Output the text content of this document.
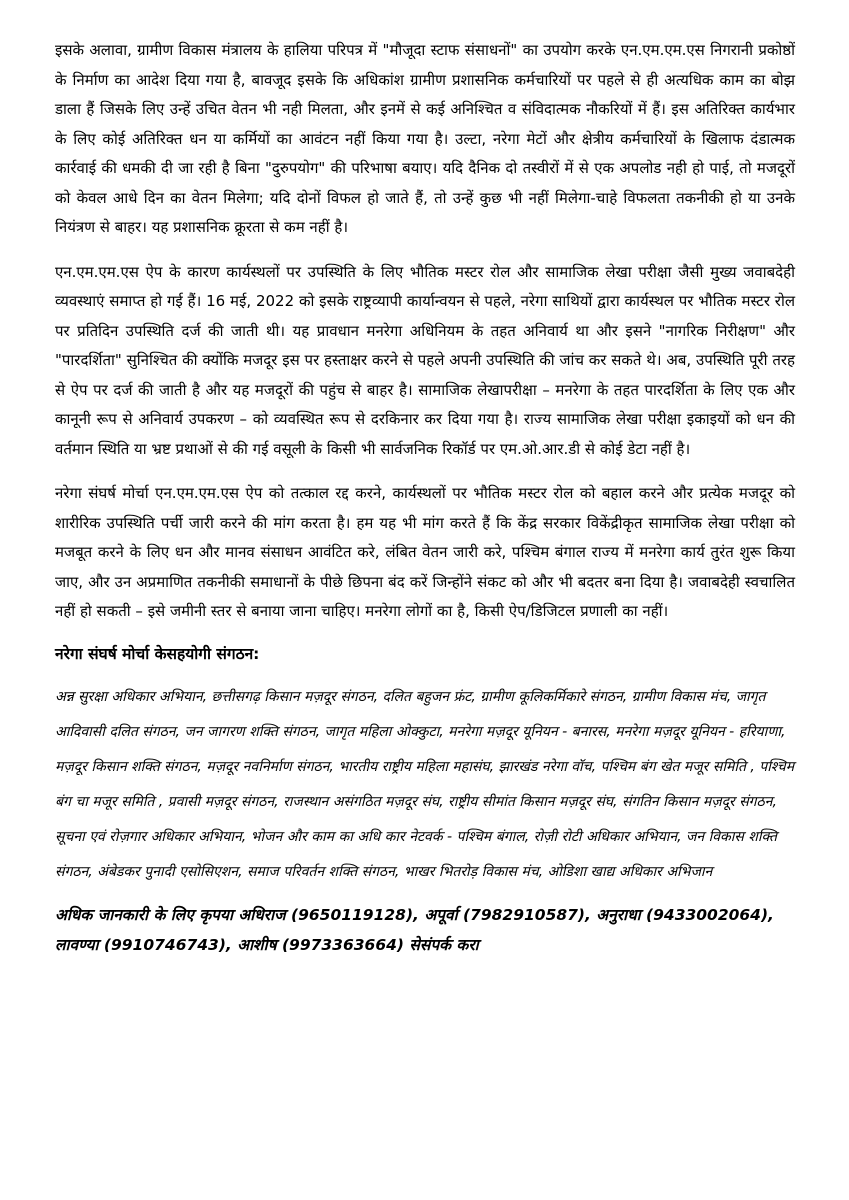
इसके अलावा, ग्रामीण विकास मंत्रालय के हालिया परिपत्र में "मौजूदा स्टाफ संसाधनों" का उपयोग करके एन.एम.एम.एस निगरानी प्रकोष्ठों के निर्माण का आदेश दिया गया है, बावजूद इसके कि अधिकांश ग्रामीण प्रशासनिक कर्मचारियों पर पहले से ही अत्यधिक काम का बोझ डाला हैं जिसके लिए उन्हें उचित वेतन भी नही मिलता, और इनमें से कई अनिश्चित व संविदात्मक नौकरियों में हैं। इस अतिरिक्त कार्यभार के लिए कोई अतिरिक्त धन या कर्मियों का आवंटन नहीं किया गया है। उल्टा, नरेगा मेटों और क्षेत्रीय कर्मचारियों के खिलाफ दंडात्मक कार्रवाई की धमकी दी जा रही है बिना "दुरुपयोग" की परिभाषा बयाए। यदि दैनिक दो तस्वीरों में से एक अपलोड नही हो पाई, तो मजदूरों को केवल आधे दिन का वेतन मिलेगा; यदि दोनों विफल हो जाते हैं, तो उन्हें कुछ भी नहीं मिलेगा-चाहे विफलता तकनीकी हो या उनके नियंत्रण से बाहर। यह प्रशासनिक क्रूरता से कम नहीं है।

एन.एम.एम.एस ऐप के कारण कार्यस्थलों पर उपस्थिति के लिए भौतिक मस्टर रोल और सामाजिक लेखा परीक्षा जैसी मुख्य जवाबदेही व्यवस्थाएं समाप्त हो गई हैं। 16 मई, 2022 को इसके राष्ट्रव्यापी कार्यान्वयन से पहले, नरेगा साथियों द्वारा कार्यस्थल पर भौतिक मस्टर रोल पर प्रतिदिन उपस्थिति दर्ज की जाती थी। यह प्रावधान मनरेगा अधिनियम के तहत अनिवार्य था और इसने "नागरिक निरीक्षण" और "पारदर्शिता" सुनिश्चित की क्योंकि मजदूर इस पर हस्ताक्षर करने से पहले अपनी उपस्थिति की जांच कर सकते थे। अब, उपस्थिति पूरी तरह से ऐप पर दर्ज की जाती है और यह मजदूरों की पहुंच से बाहर है। सामाजिक लेखापरीक्षा – मनरेगा के तहत पारदर्शिता के लिए एक और कानूनी रूप से अनिवार्य उपकरण – को व्यवस्थित रूप से दरकिनार कर दिया गया है। राज्य सामाजिक लेखा परीक्षा इकाइयों को धन की वर्तमान स्थिति या भ्रष्ट प्रथाओं से की गई वसूली के किसी भी सार्वजनिक रिकॉर्ड पर एम.ओ.आर.डी से कोई डेटा नहीं है।

नरेगा संघर्ष मोर्चा एन.एम.एम.एस ऐप को तत्काल रद्द करने, कार्यस्थलों पर भौतिक मस्टर रोल को बहाल करने और प्रत्येक मजदूर को शारीरिक उपस्थिति पर्ची जारी करने की मांग करता है। हम यह भी मांग करते हैं कि केंद्र सरकार विकेंद्रीकृत सामाजिक लेखा परीक्षा को मजबूत करने के लिए धन और मानव संसाधन आवंटित करे, लंबित वेतन जारी करे, पश्चिम बंगाल राज्य में मनरेगा कार्य तुरंत शुरू किया जाए, और उन अप्रमाणित तकनीकी समाधानों के पीछे छिपना बंद करें जिन्होंने संकट को और भी बदतर बना दिया है। जवाबदेही स्वचालित नहीं हो सकती – इसे जमीनी स्तर से बनाया जाना चाहिए। मनरेगा लोगों का है, किसी ऐप/डिजिटल प्रणाली का नहीं।

नरेगा संघर्ष मोर्चा केसहयोगी संगठन:

अन्न सुरक्षा अधिकार अभियान, छत्तीसगढ़ किसान मज़दूर संगठन, दलित बहुजन फ्रंट, ग्रामीण कूलिकर्मिकारे संगठन, ग्रामीण विकास मंच, जागृत आदिवासी दलित संगठन, जन जागरण शक्ति संगठन, जागृत महिला ओक्कुटा, मनरेगा मज़दूर यूनियन - बनारस, मनरेगा मज़दूर यूनियन - हरियाणा, मज़दूर किसान शक्ति संगठन, मज़दूर नवनिर्माण संगठन, भारतीय राष्ट्रीय महिला महासंघ, झारखंड नरेगा वॉच, पश्चिम बंग खेत मजूर समिति , पश्चिम बंग चा मजूर समिति , प्रवासी मज़दूर संगठन, राजस्थान असंगठित मज़दूर संघ, राष्ट्रीय सीमांत किसान मज़दूर संघ, संगतिन किसान मज़दूर संगठन, सूचना एवं रोज़गार अधिकार अभियान, भोजन और काम का अधि कार नेटवर्क - पश्चिम बंगाल, रोज़ी रोटी अधिकार अभियान, जन विकास शक्ति संगठन, अंबेडकर पुनादी एसोसिएशन, समाज परिवर्तन शक्ति संगठन, भाखर भितरोड़ विकास मंच, ओडिशा खाद्य अधिकार अभिजान

अधिक जानकारी के लिए कृपया अधिराज (9650119128), अपूर्वा (7982910587), अनुराधा (9433002064), लावण्या (9910746743), आशीष (9973363664) सेसंपर्क करा
